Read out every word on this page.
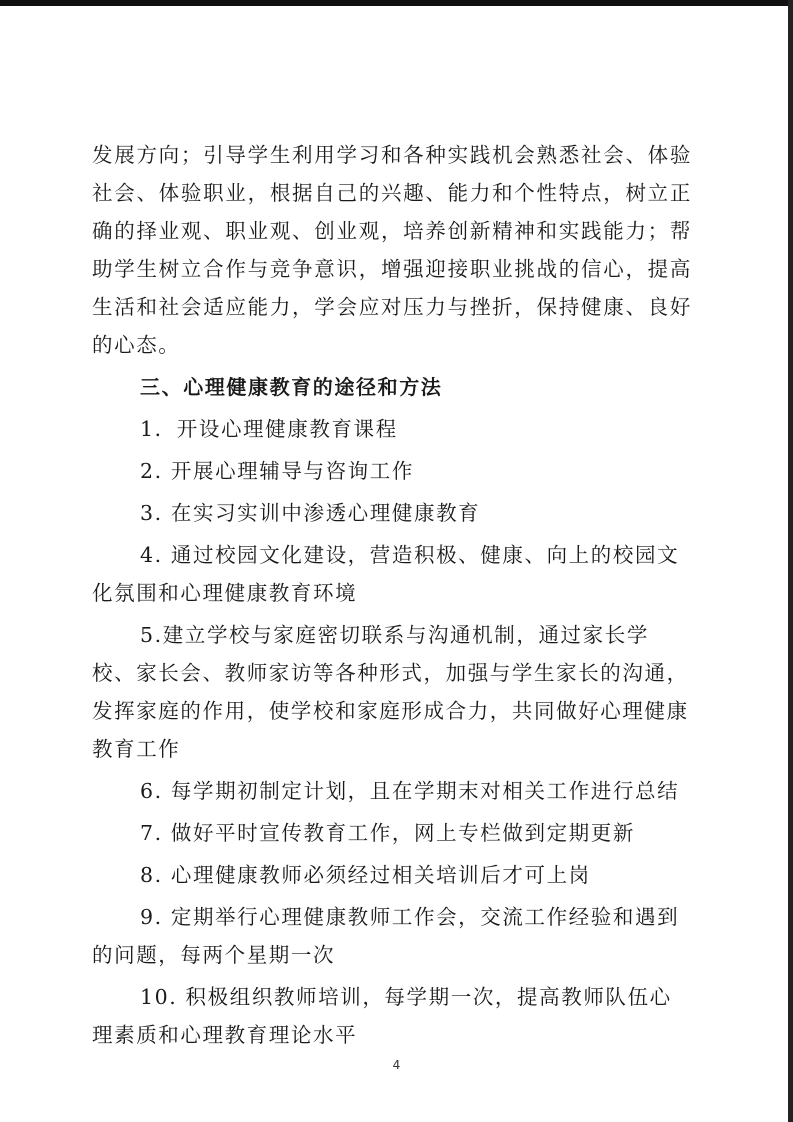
发展方向；引导学生利用学习和各种实践机会熟悉社会、体验社会、体验职业，根据自己的兴趣、能力和个性特点，树立正确的择业观、职业观、创业观，培养创新精神和实践能力；帮助学生树立合作与竞争意识，增强迎接职业挑战的信心，提高生活和社会适应能力，学会应对压力与挫折，保持健康、良好的心态。

三、心理健康教育的途径和方法

1．开设心理健康教育课程

2. 开展心理辅导与咨询工作

3. 在实习实训中渗透心理健康教育

4. 通过校园文化建设，营造积极、健康、向上的校园文化氛围和心理健康教育环境

5.建立学校与家庭密切联系与沟通机制，通过家长学校、家长会、教师家访等各种形式，加强与学生家长的沟通，发挥家庭的作用，使学校和家庭形成合力，共同做好心理健康教育工作

6. 每学期初制定计划，且在学期末对相关工作进行总结

7. 做好平时宣传教育工作，网上专栏做到定期更新

8. 心理健康教师必须经过相关培训后才可上岗

9. 定期举行心理健康教师工作会，交流工作经验和遇到的问题，每两个星期一次

10. 积极组织教师培训，每学期一次，提高教师队伍心理素质和心理教育理论水平

4
